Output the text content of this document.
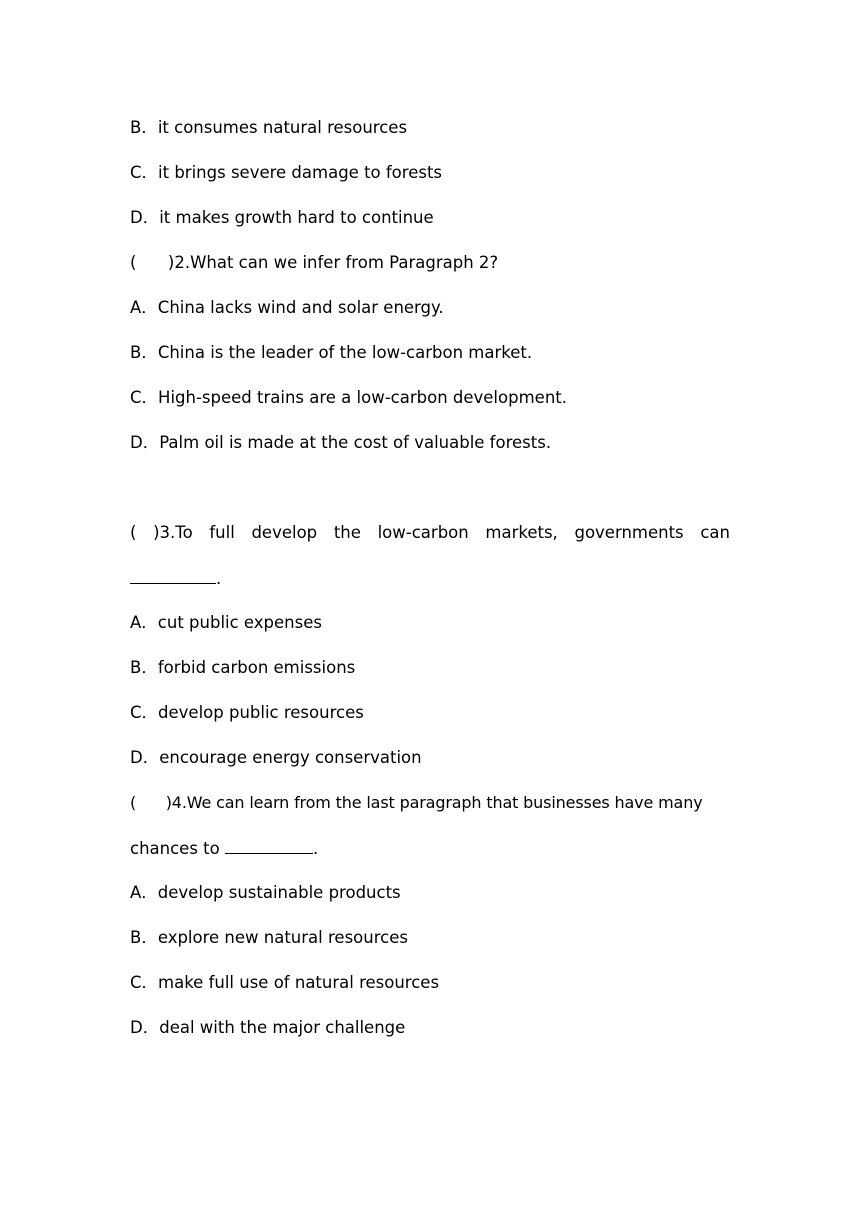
B．it consumes natural resources
C．it brings severe damage to forests
D．it makes growth hard to continue
(      )2.What can we infer from Paragraph 2?
A．China lacks wind and solar energy.
B．China is the leader of the low-carbon market.
C．High-speed trains are a low-carbon development.
D．Palm oil is made at the cost of valuable forests.
( )3.To full develop the low-carbon markets, governments can
.
A．cut public expenses
B．forbid carbon emissions
C．develop public resources
D．encourage energy conservation
(      )4.We can learn from the last paragraph that businesses have many
chances to	.
A．develop sustainable products
B．explore new natural resources
C．make full use of natural resources
D．deal with the major challenge
